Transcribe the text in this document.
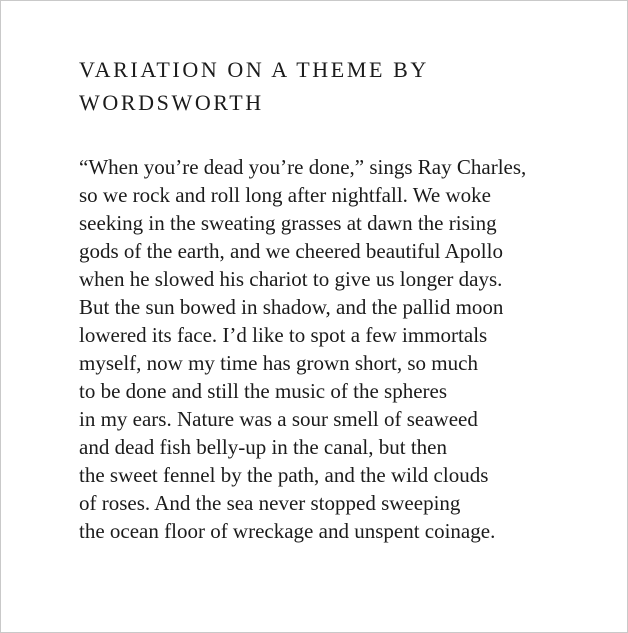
VARIATION ON A THEME BY
WORDSWORTH
“When you’re dead you’re done,” sings Ray Charles,
so we rock and roll long after nightfall. We woke
seeking in the sweating grasses at dawn the rising
gods of the earth, and we cheered beautiful Apollo
when he slowed his chariot to give us longer days.
But the sun bowed in shadow, and the pallid moon
lowered its face. I’d like to spot a few immortals
myself, now my time has grown short, so much
to be done and still the music of the spheres
in my ears. Nature was a sour smell of seaweed
and dead fish belly-up in the canal, but then
the sweet fennel by the path, and the wild clouds
of roses. And the sea never stopped sweeping
the ocean floor of wreckage and unspent coinage.
